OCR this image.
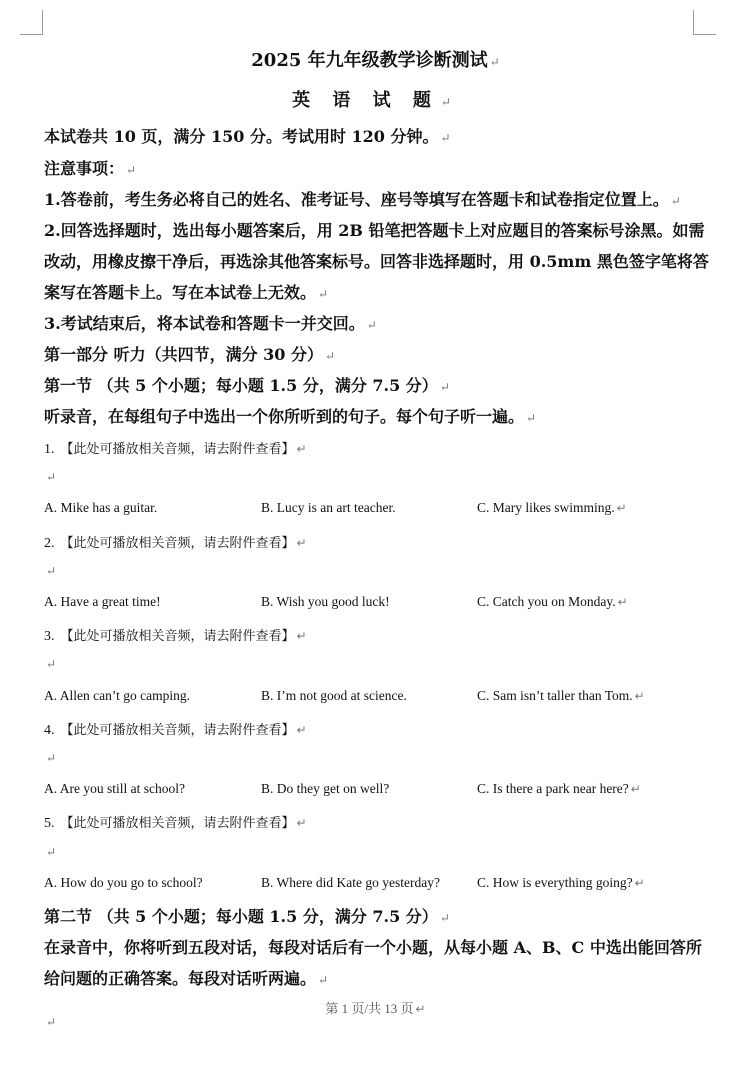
2025 年九年级教学诊断测试 ↵
英 语 试 题 ↵
本试卷共 10 页，满分 150 分。考试用时 120 分钟。 ↵
注意事项： ↵
1.答卷前，考生务必将自己的姓名、准考证号、座号等填写在答题卡和试卷指定位置上。 ↵
2.回答选择题时，选出每小题答案后，用 2B 铅笔把答题卡上对应题目的答案标号涂黑。如需
改动，用橡皮擦干净后，再选涂其他答案标号。回答非选择题时，用 0.5mm 黑色签字笔将答
案写在答题卡上。写在本试卷上无效。 ↵
3.考试结束后，将本试卷和答题卡一并交回。 ↵
第一部分 听力（共四节，满分 30 分） ↵
第一节 （共 5 个小题；每小题 1.5 分，满分 7.5 分） ↵
听录音，在每组句子中选出一个你所听到的句子。每个句子听一遍。 ↵
1. 【此处可播放相关音频，请去附件查看】 ↵
↵
A. Mike has a guitar.	B. Lucy is an art teacher.	C. Mary likes swimming. ↵
2. 【此处可播放相关音频，请去附件查看】 ↵
↵
A. Have a great time!	B. Wish you good luck!	C. Catch you on Monday. ↵
3. 【此处可播放相关音频，请去附件查看】 ↵
↵
A. Allen can’t go camping.	B. I’m not good at science.	C. Sam isn’t taller than Tom. ↵
4. 【此处可播放相关音频，请去附件查看】 ↵
↵
A. Are you still at school?	B. Do they get on well?	C. Is there a park near here? ↵
5. 【此处可播放相关音频，请去附件查看】 ↵
↵
A. How do you go to school?	B. Where did Kate go yesterday?	C. How is everything going? ↵
第二节 （共 5 个小题；每小题 1.5 分，满分 7.5 分） ↵
在录音中，你将听到五段对话，每段对话后有一个小题，从每小题 A、B、C 中选出能回答所
给问题的正确答案。每段对话听两遍。 ↵
第 1 页/共 13 页 ↵
↵
